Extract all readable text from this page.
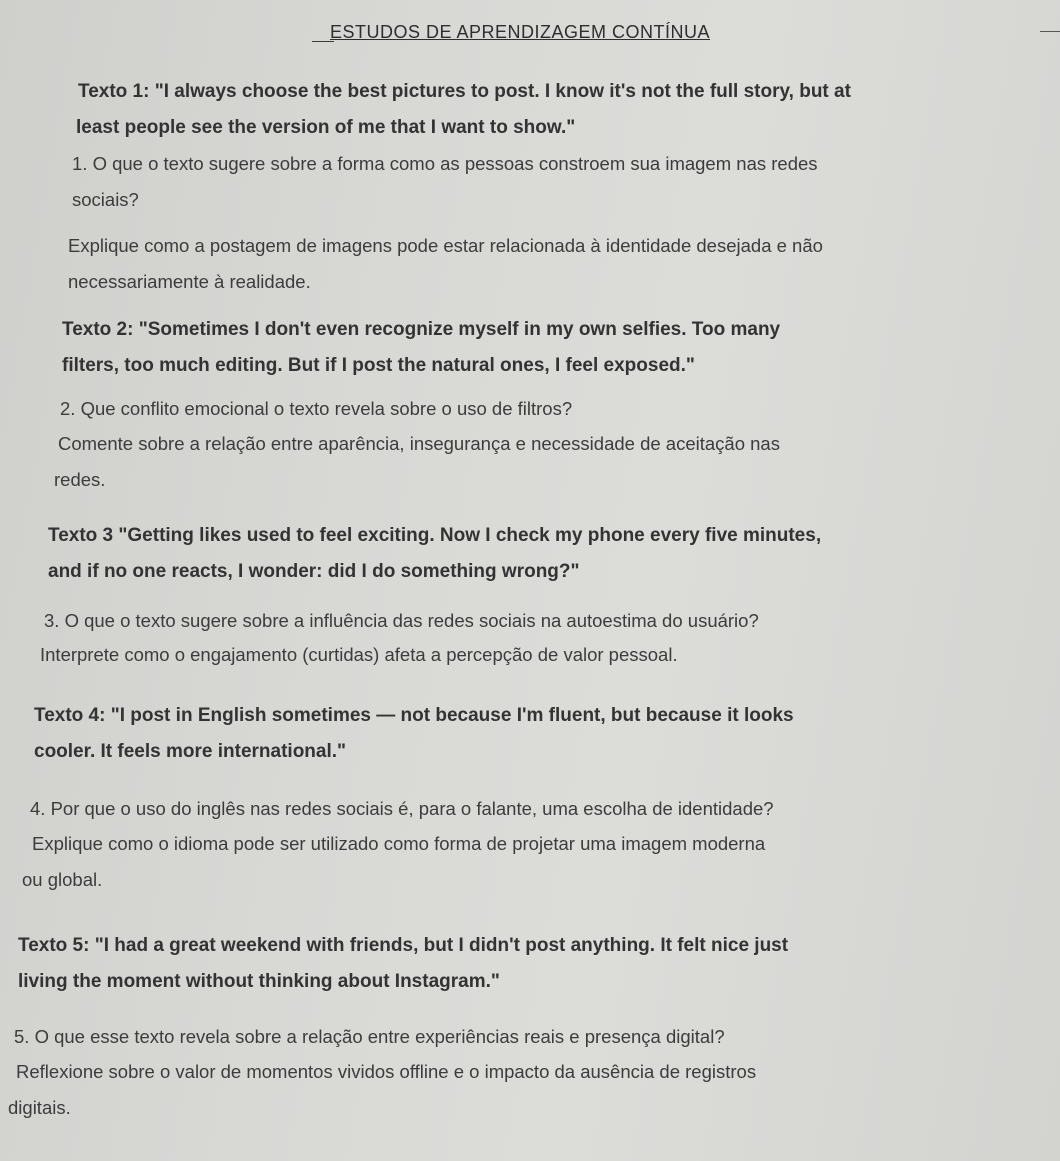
ESTUDOS DE APRENDIZAGEM CONTÍNUA
Texto 1: "I always choose the best pictures to post. I know it's not the full story, but at
least people see the version of me that I want to show."
1. O que o texto sugere sobre a forma como as pessoas constroem sua imagem nas redes
sociais?
Explique como a postagem de imagens pode estar relacionada à identidade desejada e não
necessariamente à realidade.
Texto 2: "Sometimes I don't even recognize myself in my own selfies. Too many
filters, too much editing. But if I post the natural ones, I feel exposed."
2. Que conflito emocional o texto revela sobre o uso de filtros?
Comente sobre a relação entre aparência, insegurança e necessidade de aceitação nas
redes.
Texto 3 "Getting likes used to feel exciting. Now I check my phone every five minutes,
and if no one reacts, I wonder: did I do something wrong?"
3. O que o texto sugere sobre a influência das redes sociais na autoestima do usuário?
Interprete como o engajamento (curtidas) afeta a percepção de valor pessoal.
Texto 4: "I post in English sometimes — not because I'm fluent, but because it looks
cooler. It feels more international."
4. Por que o uso do inglês nas redes sociais é, para o falante, uma escolha de identidade?
Explique como o idioma pode ser utilizado como forma de projetar uma imagem moderna
ou global.
Texto 5: "I had a great weekend with friends, but I didn't post anything. It felt nice just
living the moment without thinking about Instagram."
5. O que esse texto revela sobre a relação entre experiências reais e presença digital?
Reflexione sobre o valor de momentos vividos offline e o impacto da ausência de registros
digitais.
